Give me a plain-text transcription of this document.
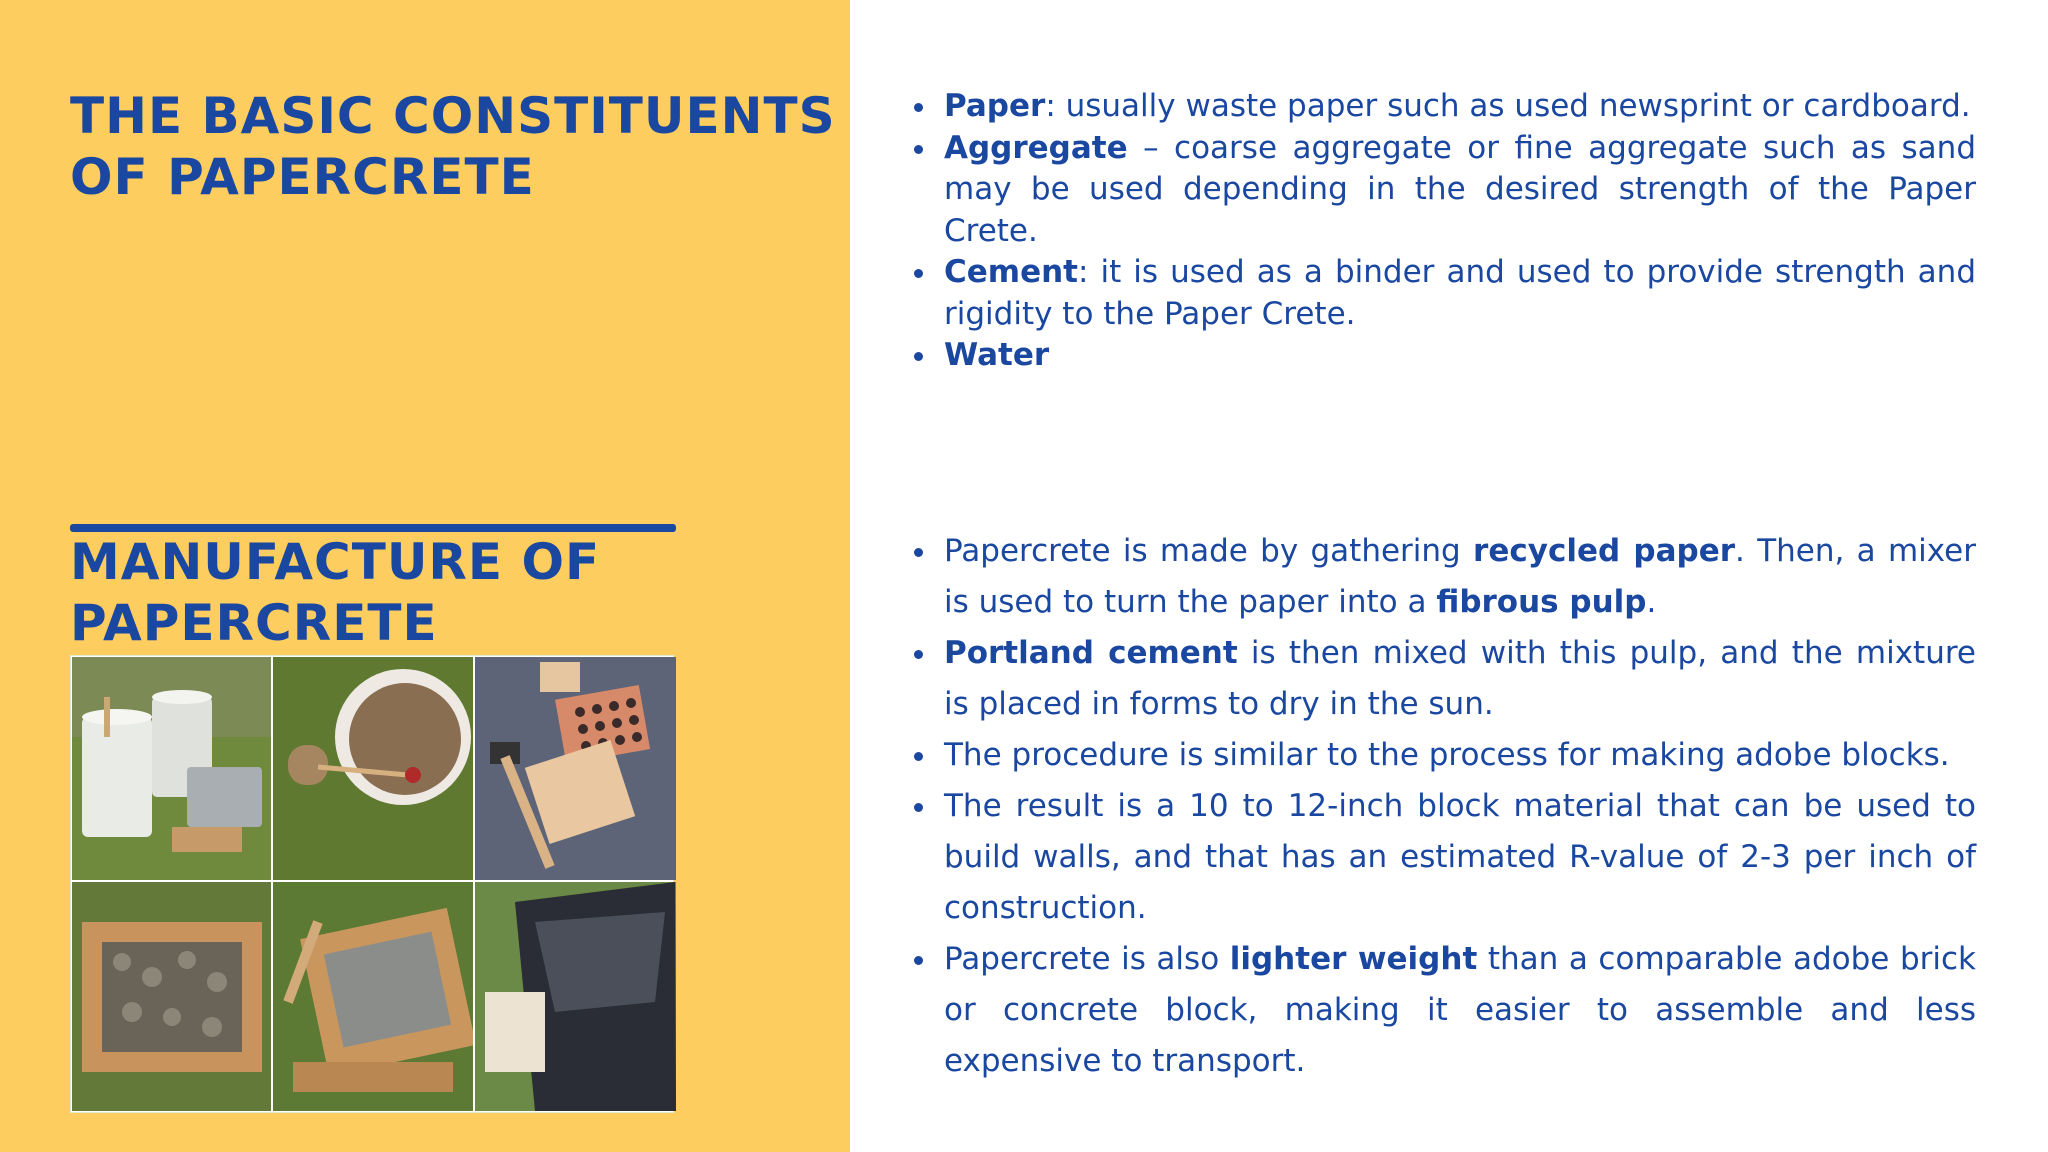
THE BASIC CONSTITUENTS
OF PAPERCRETE
MANUFACTURE OF
PAPERCRETE
Paper: usually waste paper such as used newsprint or cardboard.
Aggregate – coarse aggregate or fine aggregate such as sand may be used depending in the desired strength of the Paper Crete.
Cement: it is used as a binder and used to provide strength and rigidity to the Paper Crete.
Water
Papercrete is made by gathering recycled paper. Then, a mixer is used to turn the paper into a fibrous pulp.
Portland cement is then mixed with this pulp, and the mixture is placed in forms to dry in the sun.
The procedure is similar to the process for making adobe blocks.
The result is a 10 to 12-inch block material that can be used to build walls, and that has an estimated R-value of 2-3 per inch of construction.
Papercrete is also lighter weight than a comparable adobe brick or concrete block, making it easier to assemble and less expensive to transport.
